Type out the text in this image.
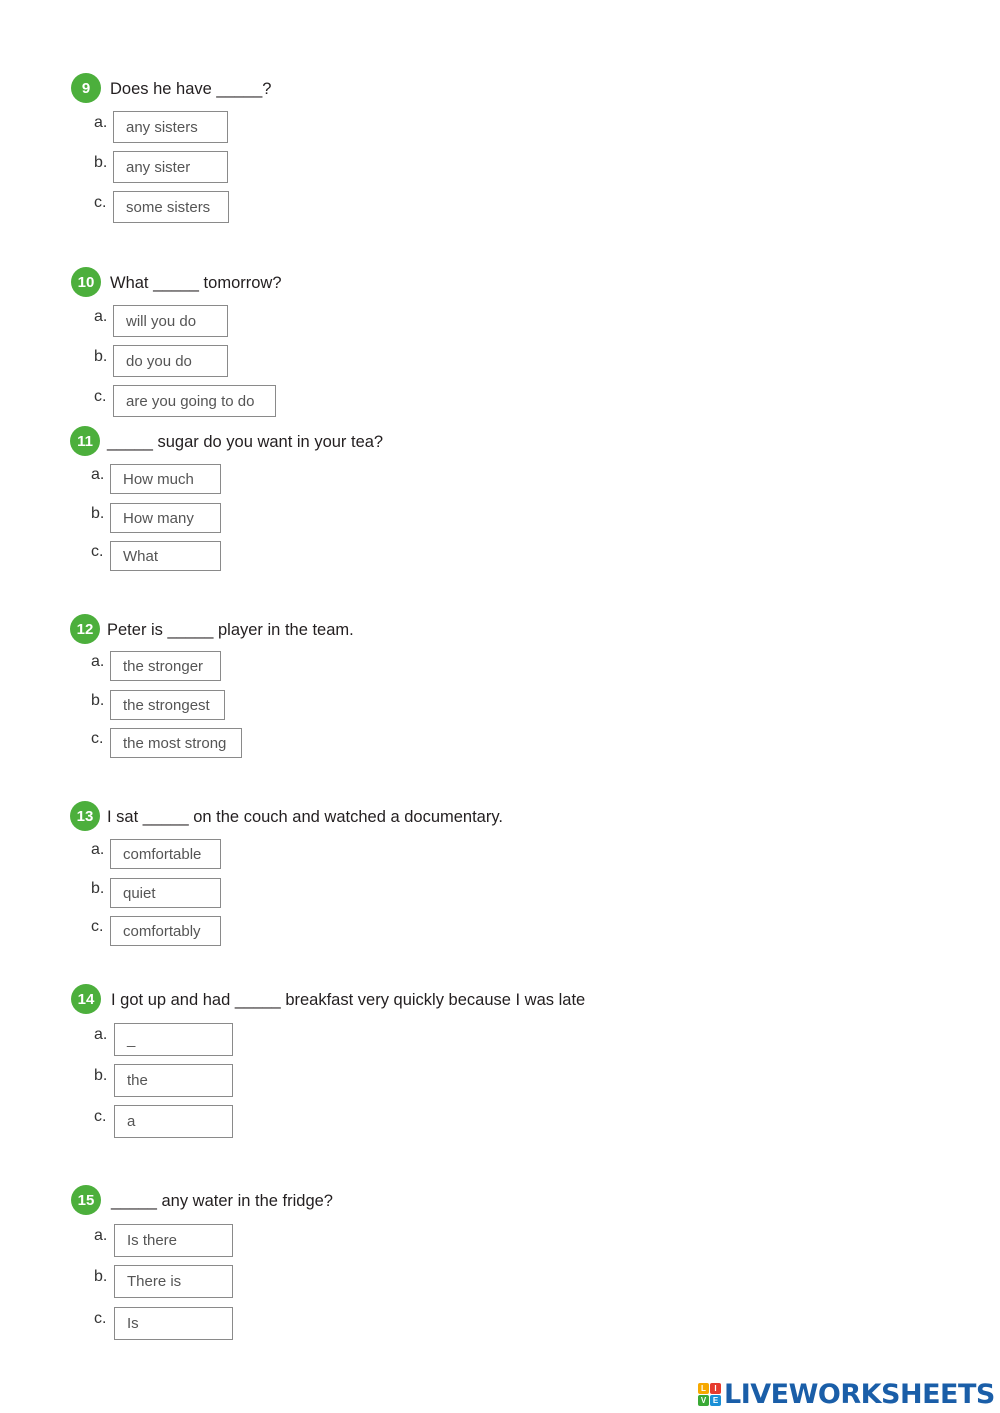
9	Does he have _____?
a.	any sisters
b.	any sister
c.	some sisters
10 What _____ tomorrow?
a.	will you do
b.	do you do
c.	are you going to do
11 _____ sugar do you want in your tea?
a.	How much
b.	How many
c.	What
12 Peter is _____ player in the team.
a.	the stronger
b.	the strongest
c.	the most strong
13 I sat _____ on the couch and watched a documentary.
a.	comfortable
b.	quiet
c.	comfortably
14	I got up and had _____ breakfast very quickly because I was late
a.	_
b.	the
c.	a
15	_____ any water in the fridge?
a.	Is there
b.	There is
c.	Is
L	I
V E LIVEWORKSHEETS
